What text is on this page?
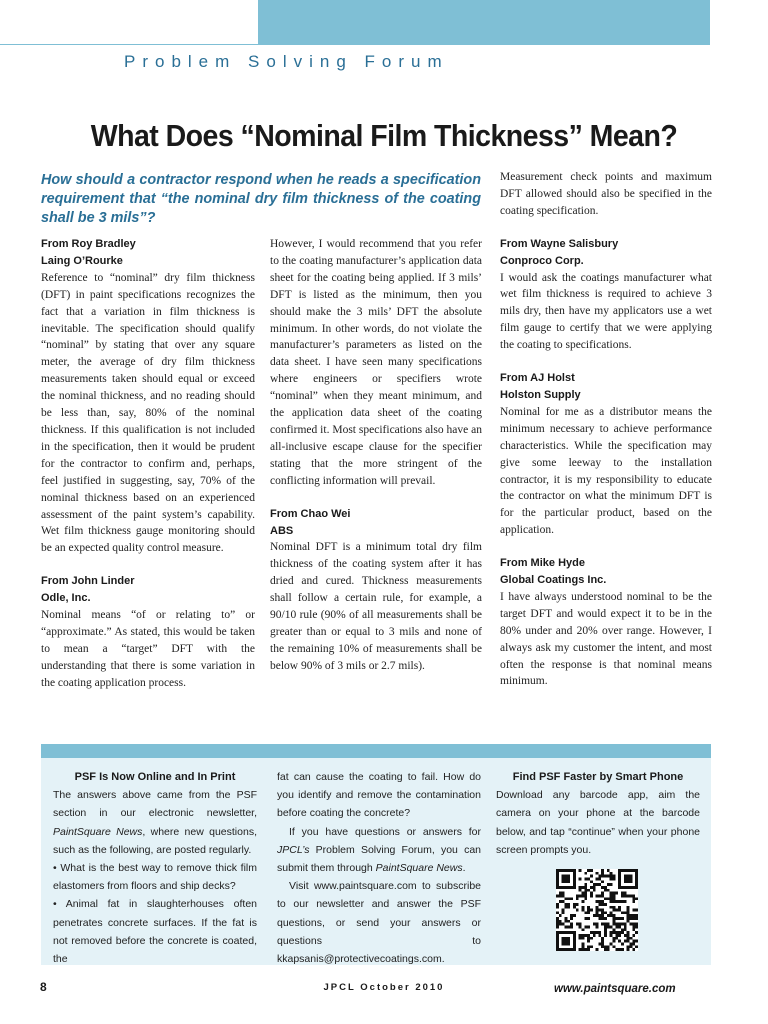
Problem Solving Forum
What Does “Nominal Film Thickness” Mean?
How should a contractor respond when he reads a specification requirement that “the nominal dry film thickness of the coating shall be 3 mils”?

From Roy Bradley

Laing O’Rourke

Reference to “nominal” dry film thickness (DFT) in paint specifications recognizes the fact that a variation in film thickness is inevitable. The specification should qualify “nominal” by stating that over any square meter, the average of dry film thickness measurements taken should equal or exceed the nominal thickness, and no reading should be less than, say, 80% of the nominal thickness. If this qualification is not included in the specification, then it would be prudent for the contractor to confirm and, perhaps, feel justified in suggesting, say, 70% of the nominal thickness based on an experienced assessment of the paint system’s capability. Wet film thickness gauge monitoring should be an expected quality control measure.

From John Linder

Odle, Inc.

Nominal means “of or relating to” or “approximate.” As stated, this would be taken to mean a “target” DFT with the understanding that there is some variation in the coating application process.

However, I would recommend that you refer to the coating manufacturer’s application data sheet for the coating being applied. If 3 mils’ DFT is listed as the minimum, then you should make the 3 mils’ DFT the absolute minimum. In other words, do not violate the manufacturer’s parameters as listed on the data sheet. I have seen many specifications where engineers or specifiers wrote “nominal” when they meant minimum, and the application data sheet of the coating confirmed it. Most specifications also have an all-inclusive escape clause for the specifier stating that the more stringent of the conflicting information will prevail.

From Chao Wei

ABS

Nominal DFT is a minimum total dry film thickness of the coating system after it has dried and cured. Thickness measurements shall follow a certain rule, for example, a 90/10 rule (90% of all measurements shall be greater than or equal to 3 mils and none of the remaining 10% of measurements shall be below 90% of 3 mils or 2.7 mils).

Measurement check points and maximum DFT allowed should also be specified in the coating specification.

From Wayne Salisbury

Conproco Corp.

I would ask the coatings manufacturer what wet film thickness is required to achieve 3 mils dry, then have my applicators use a wet film gauge to certify that we were applying the coating to specifications.

From AJ Holst

Holston Supply

Nominal for me as a distributor means the minimum necessary to achieve performance characteristics. While the specification may give some leeway to the installation contractor, it is my responsibility to educate the contractor on what the minimum DFT is for the particular product, based on the application.

From Mike Hyde

Global Coatings Inc.

I have always understood nominal to be the target DFT and would expect it to be in the 80% under and 20% over range. However, I always ask my customer the intent, and most often the response is that nominal means minimum.

PSF Is Now Online and In Print

The answers above came from the PSF section in our electronic newsletter, PaintSquare News, where new questions, such as the following, are posted regularly.

• What is the best way to remove thick film elastomers from floors and ship decks?

• Animal fat in slaughterhouses often penetrates concrete surfaces. If the fat is not removed before the concrete is coated, the

fat can cause the coating to fail. How do you identify and remove the contamination before coating the concrete?

If you have questions or answers for JPCL’s Problem Solving Forum, you can submit them through PaintSquare News.

Visit www.paintsquare.com to subscribe to our newsletter and answer the PSF questions, or send your answers or questions to kkapsanis@protectivecoatings.com.

Find PSF Faster by Smart Phone

Download any barcode app, aim the camera on your phone at the barcode below, and tap “continue” when your phone screen prompts you.

8	JPCL October 2010	www.paintsquare.com
